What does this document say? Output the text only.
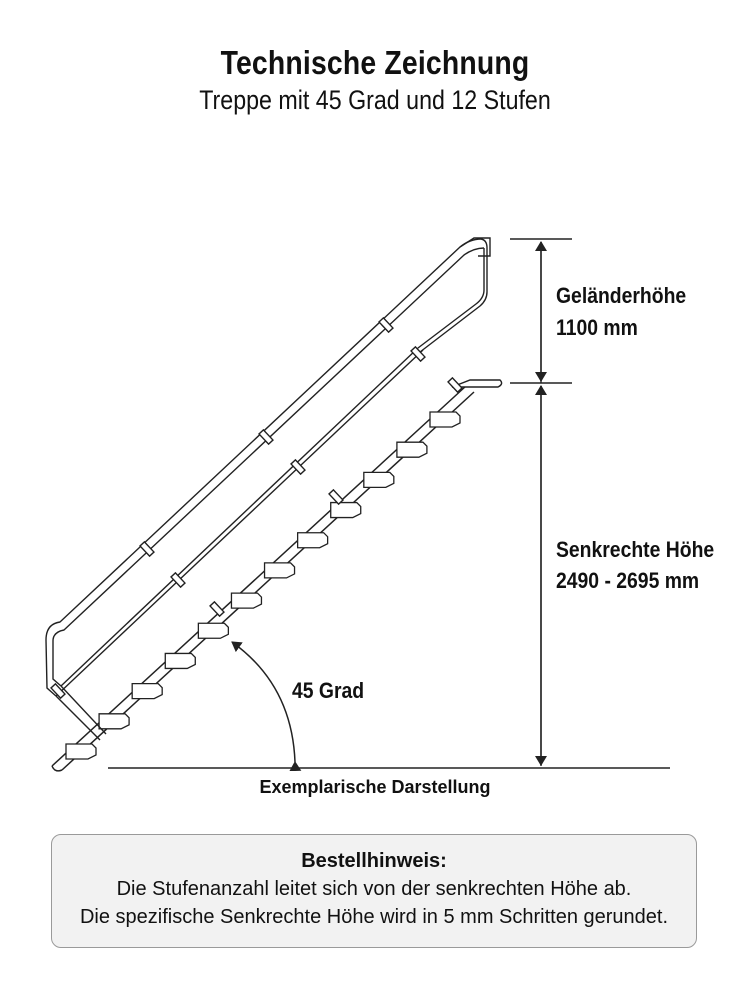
Technische Zeichnung
Treppe mit 45 Grad und 12 Stufen
Geländerhöhe
1100 mm
Senkrechte Höhe
2490 - 2695 mm
45 Grad
Exemplarische Darstellung
Bestellhinweis:
Die Stufenanzahl leitet sich von der senkrechten Höhe ab.
Die spezifische Senkrechte Höhe wird in 5 mm Schritten gerundet.
